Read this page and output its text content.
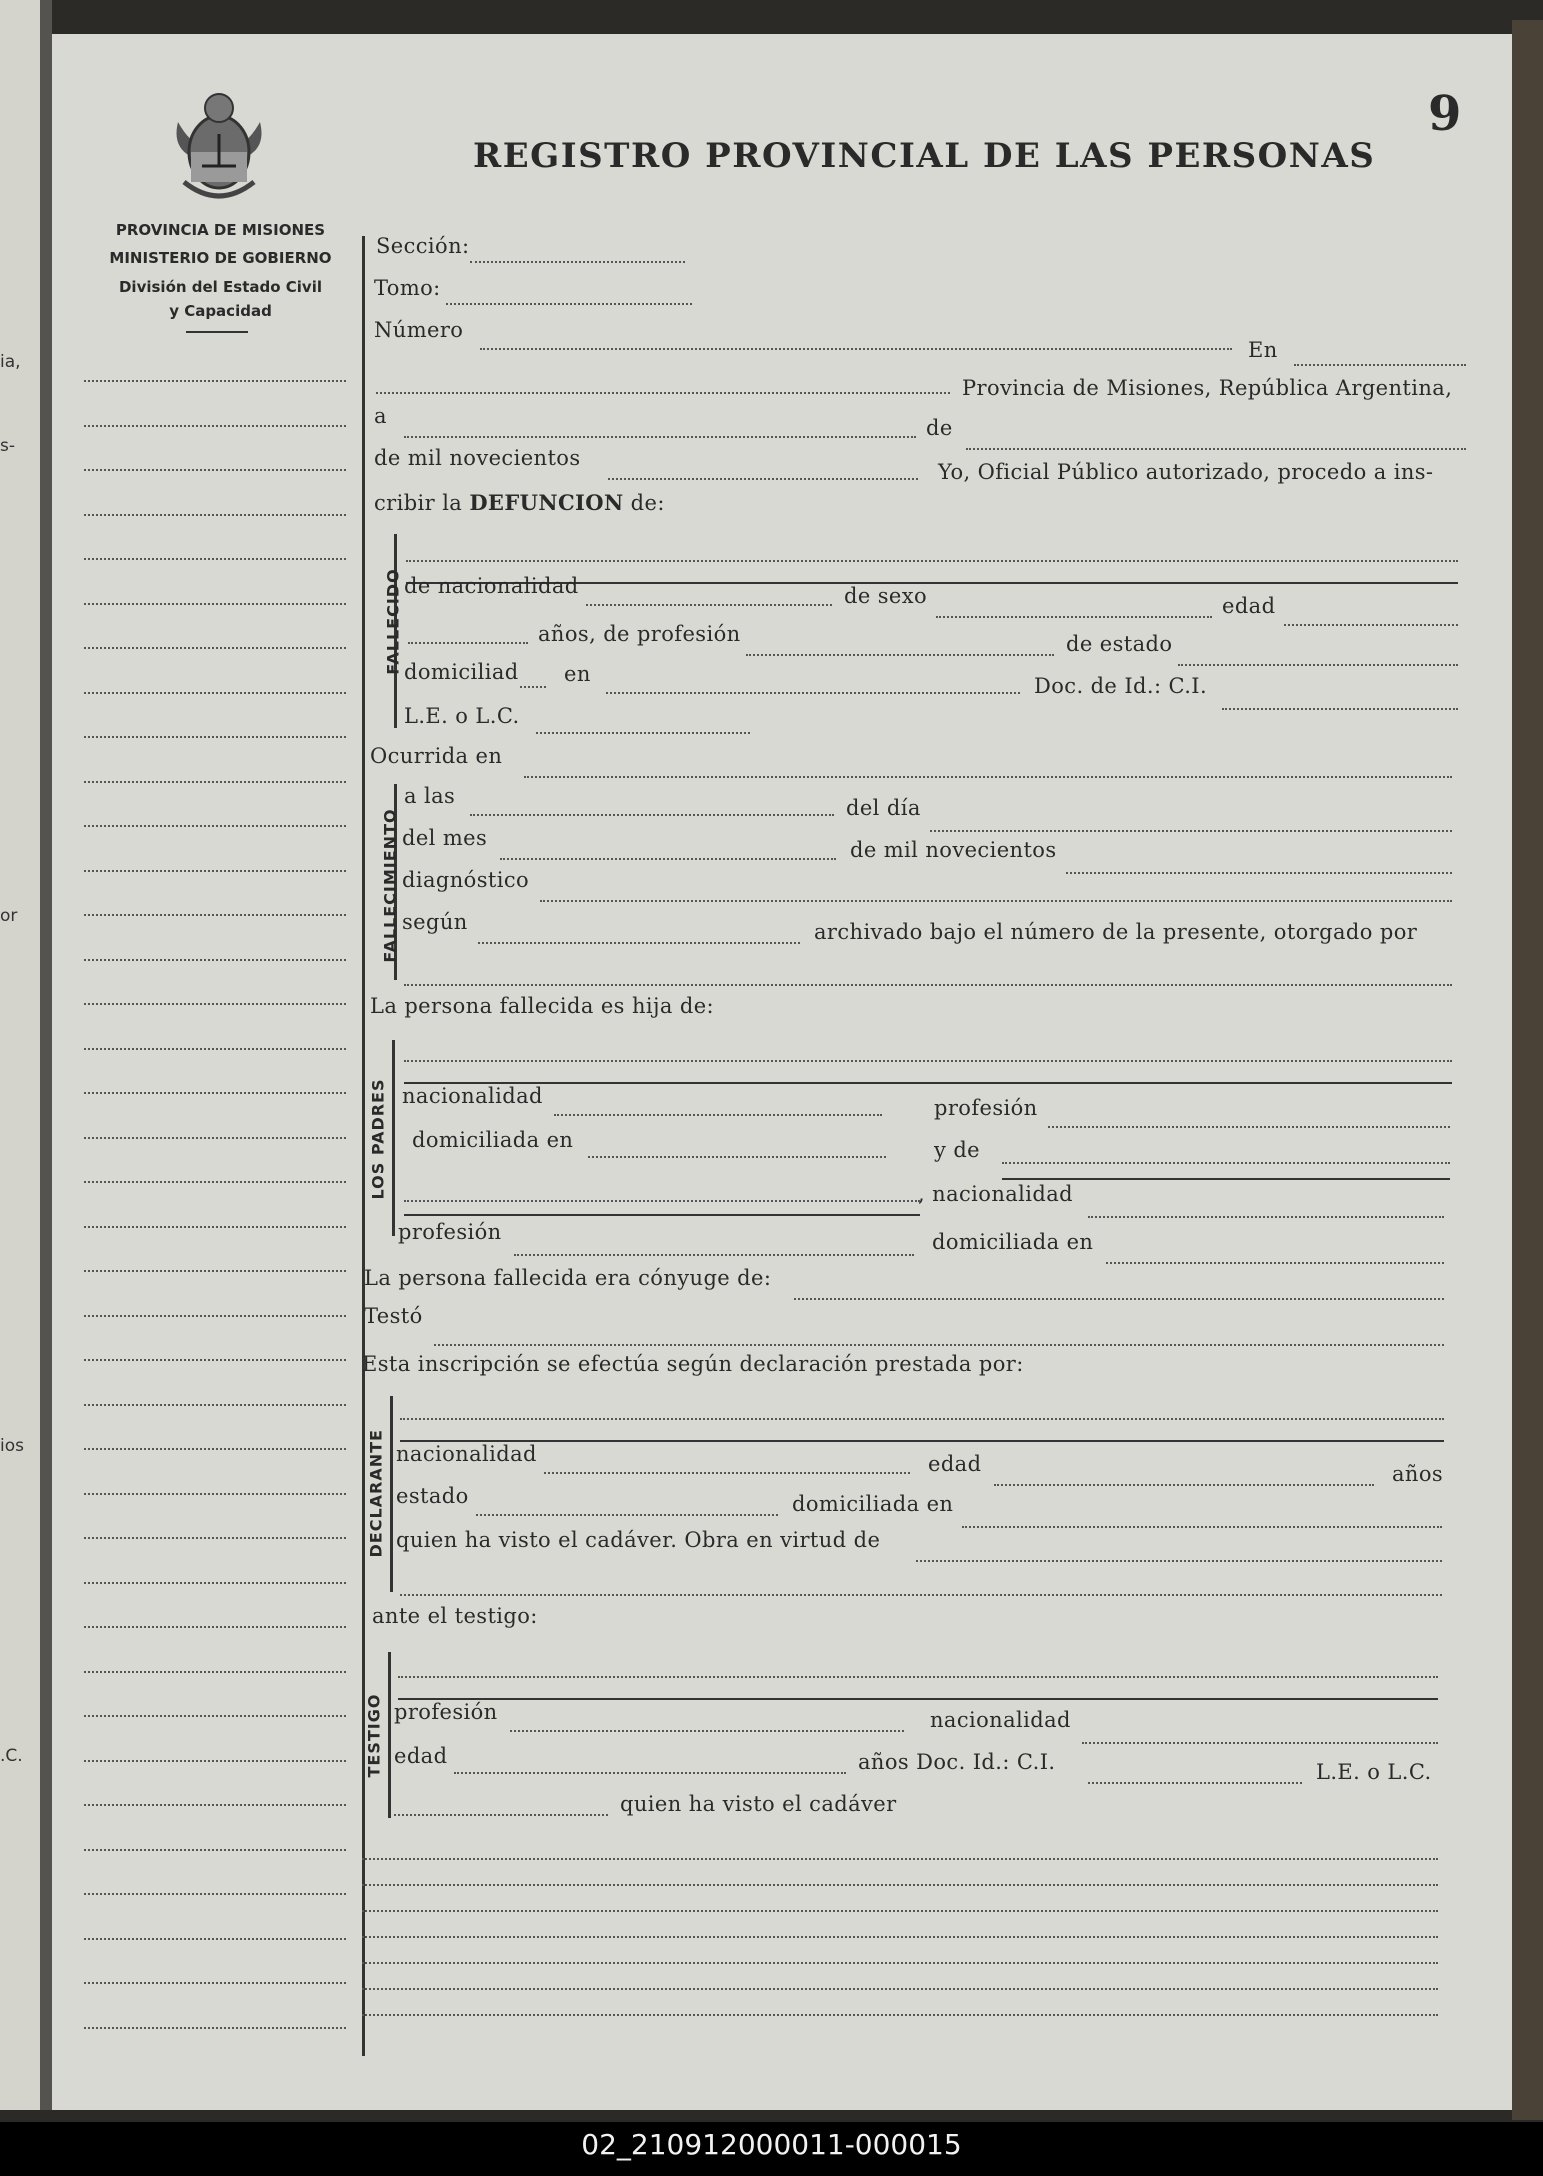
ia,
s-
or
ios
.C.
9
REGISTRO PROVINCIAL DE LAS PERSONAS
PROVINCIA DE MISIONES
MINISTERIO DE GOBIERNO
División del Estado Civil
y Capacidad
Sección:
Tomo:
Número
En
Provincia de Misiones, República Argentina,
a	de
de mil novecientos
Yo, Oficial Público autorizado, procedo a ins-
cribir la DEFUNCION de:
FALLECIDO de nacionalidad	de sexo	edad
años, de profesión	de estado
domiciliad en	Doc. de Id.: C.I.
L.E. o L.C.
Ocurrida en
FALLECIMIENTO
a las	del día
del mes	de mil novecientos
diagnóstico
según	archivado bajo el número de la presente, otorgado por
La persona fallecida es hija de:
LOS PADRES nacionalidad	profesión
domiciliada en	y de
, nacionalidad
profesión	domiciliada en
La persona fallecida era cónyuge de:
Testó
Esta inscripción se efectúa según declaración prestada por:
DECLARANTE nacionalidad	edad	años
estado	domiciliada en
quien ha visto el cadáver. Obra en virtud de
ante el testigo:
TESTIGO profesión	nacionalidad
edad	años Doc. Id.: C.I.	L.E. o L.C.
quien ha visto el cadáver
02_210912000011-000015
